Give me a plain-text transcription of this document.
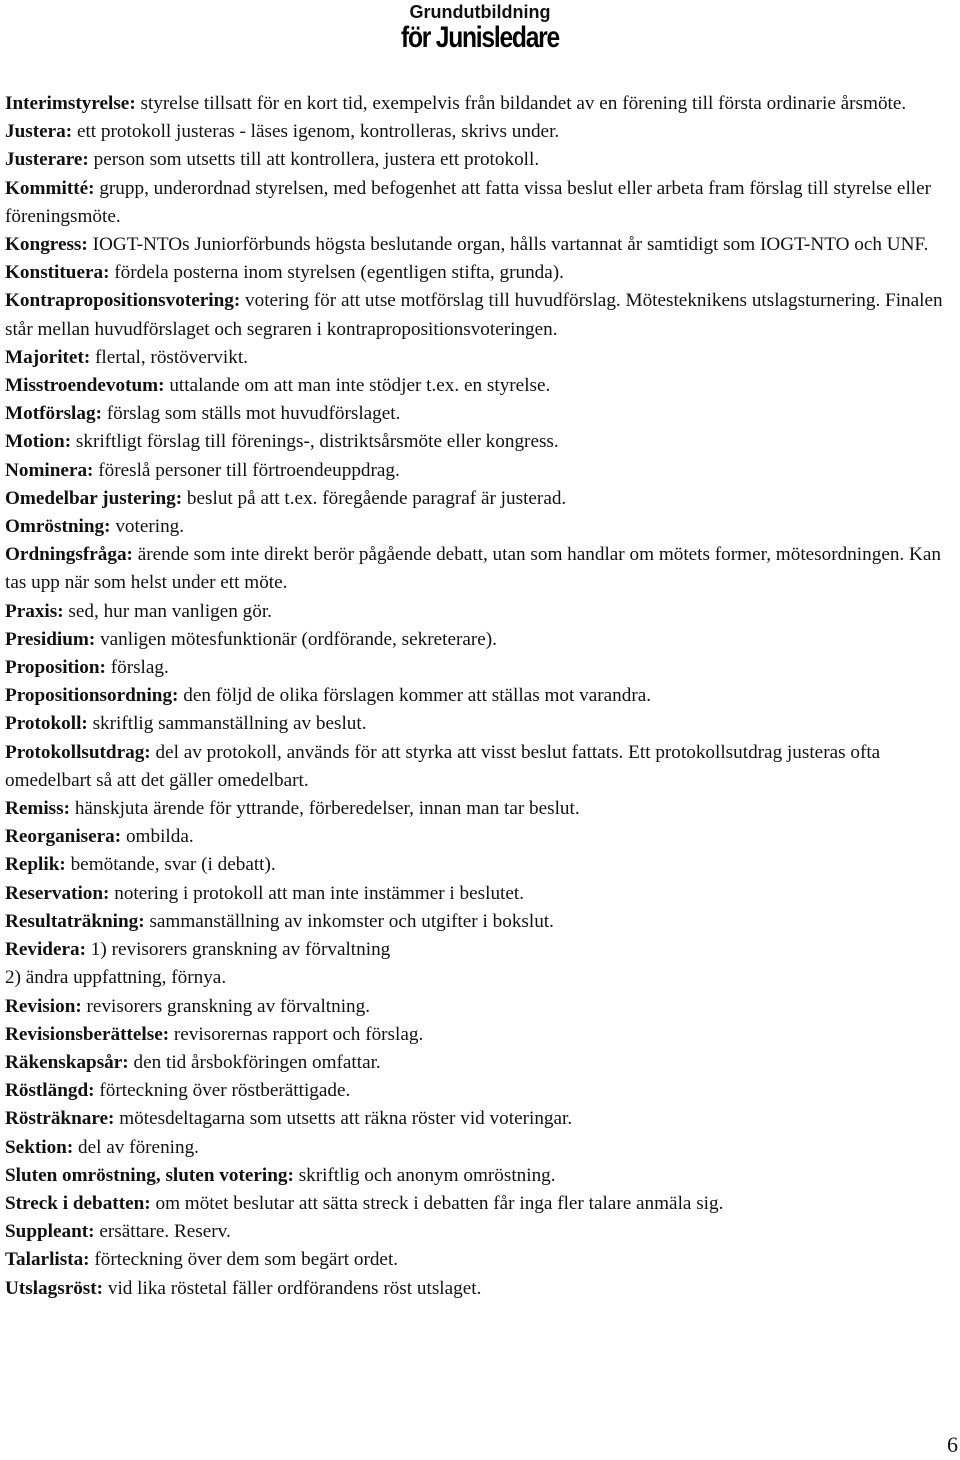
Grundutbildning
för Junisledare

Interimstyrelse: styrelse tillsatt för en kort tid, exempelvis från bildandet av en förening till första ordinarie årsmöte.

Justera: ett protokoll justeras - läses igenom, kontrolleras, skrivs under.

Justerare: person som utsetts till att kontrollera, justera ett protokoll.

Kommitté: grupp, underordnad styrelsen, med befogenhet att fatta vissa beslut eller arbeta fram förslag till styrelse eller föreningsmöte.

Kongress: IOGT-NTOs Juniorförbunds högsta beslutande organ, hålls vartannat år samtidigt som IOGT-NTO och UNF.

Konstituera: fördela posterna inom styrelsen (egentligen stifta, grunda).

Kontrapropositionsvotering: votering för att utse motförslag till huvudförslag. Mötesteknikens utslagsturnering. Finalen står mellan huvudförslaget och segraren i kontrapropositionsvoteringen.

Majoritet: flertal, röstövervikt.

Misstroendevotum: uttalande om att man inte stödjer t.ex. en styrelse.

Motförslag: förslag som ställs mot huvudförslaget.

Motion: skriftligt förslag till förenings-, distriktsårsmöte eller kongress.

Nominera: föreslå personer till förtroendeuppdrag.

Omedelbar justering: beslut på att t.ex. föregående paragraf är justerad.

Omröstning: votering.

Ordningsfråga: ärende som inte direkt berör pågående debatt, utan som handlar om mötets former, mötesordningen. Kan tas upp när som helst under ett möte.

Praxis: sed, hur man vanligen gör.

Presidium: vanligen mötesfunktionär (ordförande, sekreterare).

Proposition: förslag.

Propositionsordning: den följd de olika förslagen kommer att ställas mot varandra.

Protokoll: skriftlig sammanställning av beslut.

Protokollsutdrag: del av protokoll, används för att styrka att visst beslut fattats. Ett protokollsutdrag justeras ofta omedelbart så att det gäller omedelbart.

Remiss: hänskjuta ärende för yttrande, förberedelser, innan man tar beslut.

Reorganisera: ombilda.

Replik: bemötande, svar (i debatt).

Reservation: notering i protokoll att man inte instämmer i beslutet.

Resultaträkning: sammanställning av inkomster och utgifter i bokslut.

Revidera: 1) revisorers granskning av förvaltning

2) ändra uppfattning, förnya.

Revision: revisorers granskning av förvaltning.

Revisionsberättelse: revisorernas rapport och förslag.

Räkenskapsår: den tid årsbokföringen omfattar.

Röstlängd: förteckning över röstberättigade.

Rösträknare: mötesdeltagarna som utsetts att räkna röster vid voteringar.

Sektion: del av förening.

Sluten omröstning, sluten votering: skriftlig och anonym omröstning.

Streck i debatten: om mötet beslutar att sätta streck i debatten får inga fler talare anmäla sig.

Suppleant: ersättare. Reserv.

Talarlista: förteckning över dem som begärt ordet.

Utslagsröst: vid lika röstetal fäller ordförandens röst utslaget.

6
